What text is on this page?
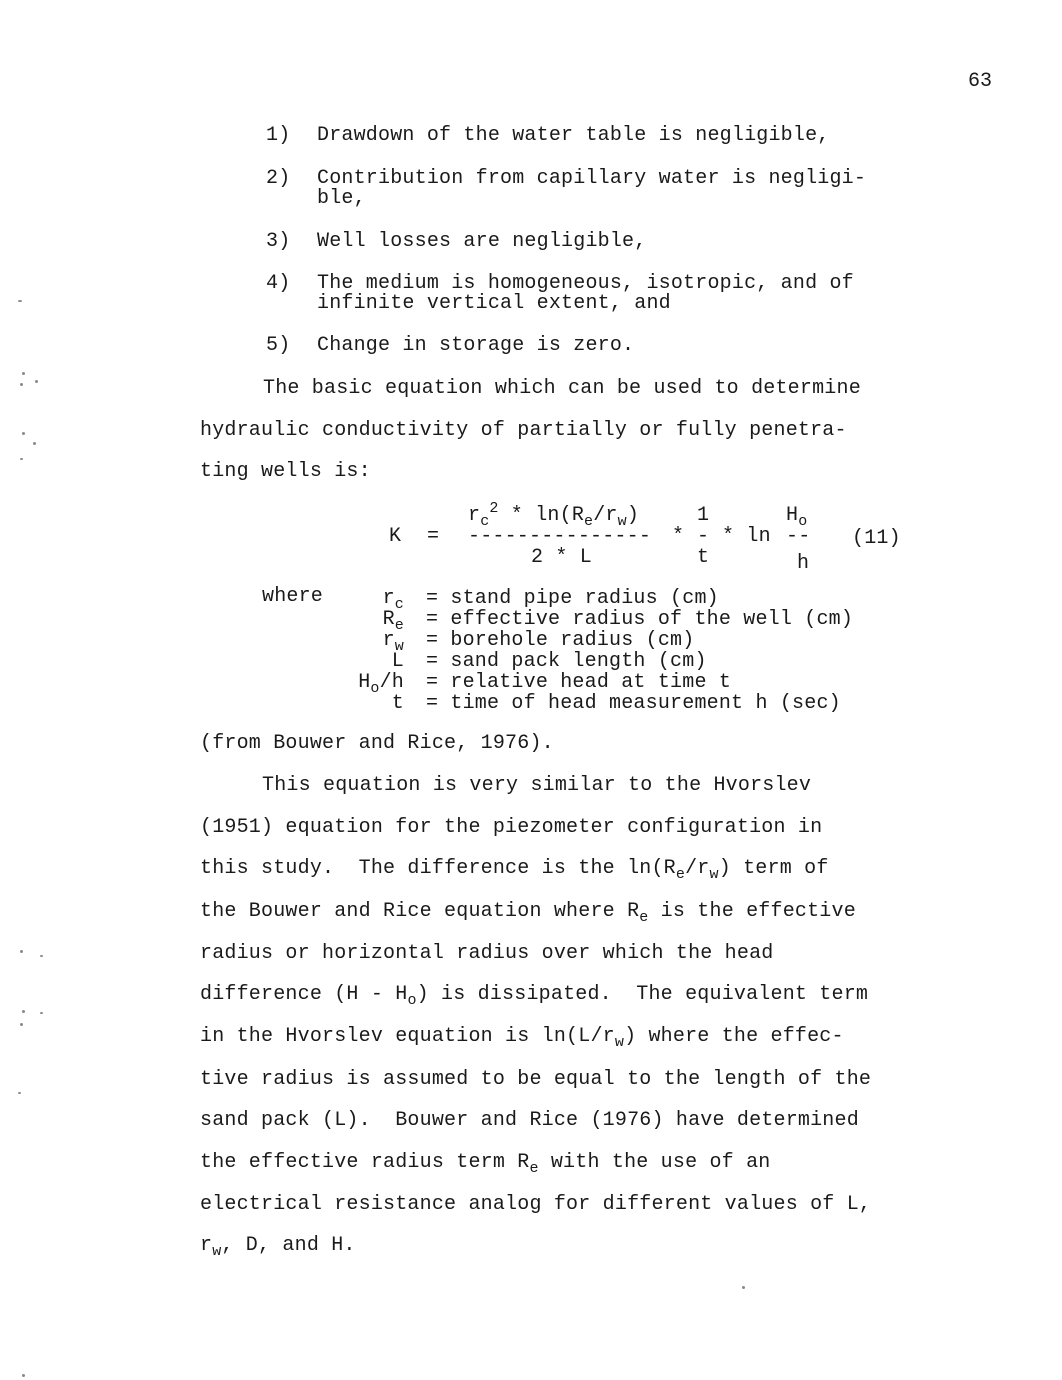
63
1) Drawdown of the water table is negligible,
2) Contribution from capillary water is negligi-
ble,
3) Well losses are negligible,
4) The medium is homogeneous, isotropic, and of
infinite vertical extent, and
5) Change in storage is zero.
The basic equation which can be used to determine
hydraulic conductivity of partially or fully penetra-
ting wells is:
$r_c^2 * \ln(R_e/r_w)$
K = ---------------
2 * L
*
1
-
t
* ln
$H_o$
--
h
(11)
where	$r_c = stand$ pipe radius (cm)
$R_e$ = effective radius of the well (cm)
$r_w$ = borehole radius (cm)
L = sand pack length (cm)
$H_o/h$ = relative head at time t
t = time of head measurement h (sec)
(from Bouwer and Rice, 1976).
This equation is very similar to the Hvorslev
(1951) equation for the piezometer configuration in
this study.  The difference is the $\ln(R_e/r_w)$ term of
the Bouwer and Rice equation where $R_e$ is the effective
radius or horizontal radius over which the head
difference $(H - H_o)$ is dissipated.  The equivalent term
in the Hvorslev equation is $\ln(L/r_w)$ where the effec-
tive radius is assumed to be equal to the length of the
sand pack (L).  Bouwer and Rice (1976) have determined
the effective radius term $R_e$ with the use of an
electrical resistance analog for different values of L,
$r_w$, D, and H.
